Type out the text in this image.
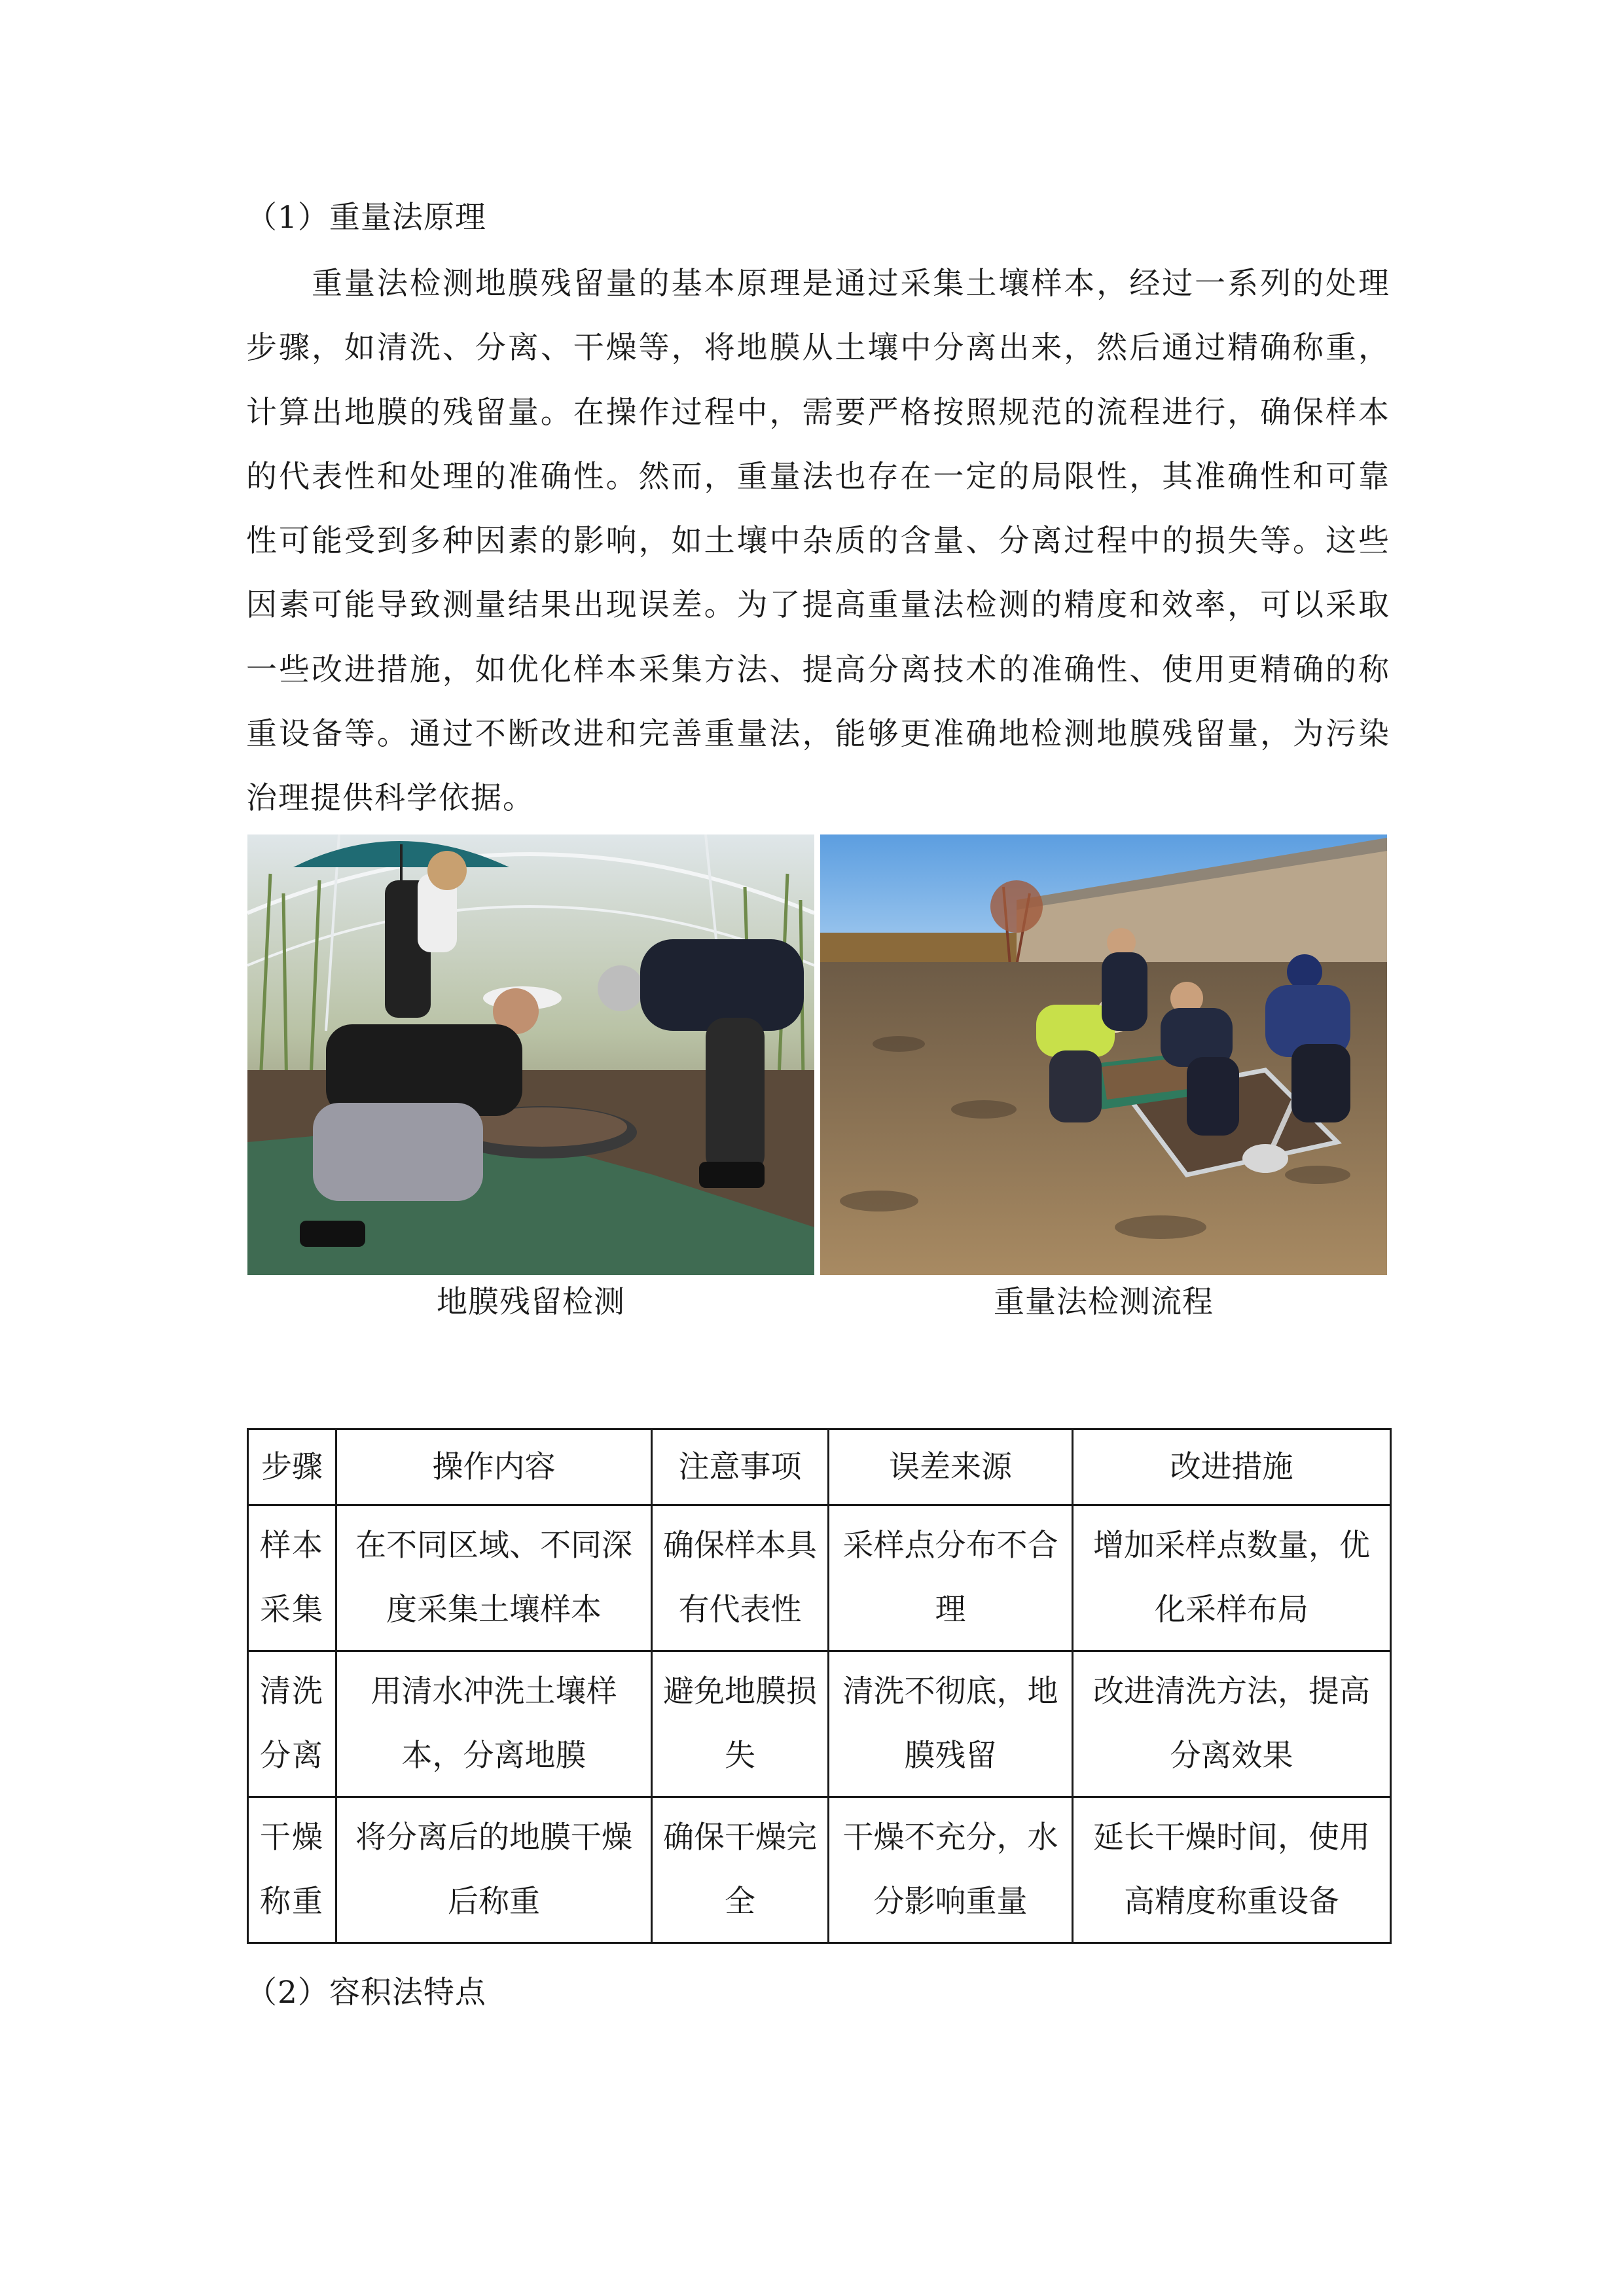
（1）重量法原理

重量法检测地膜残留量的基本原理是通过采集土壤样本，经过一系列的处理步骤，如清洗、分离、干燥等，将地膜从土壤中分离出来，然后通过精确称重，计算出地膜的残留量。在操作过程中，需要严格按照规范的流程进行，确保样本的代表性和处理的准确性。然而，重量法也存在一定的局限性，其准确性和可靠性可能受到多种因素的影响，如土壤中杂质的含量、分离过程中的损失等。这些因素可能导致测量结果出现误差。为了提高重量法检测的精度和效率，可以采取一些改进措施，如优化样本采集方法、提高分离技术的准确性、使用更精确的称重设备等。通过不断改进和完善重量法，能够更准确地检测地膜残留量，为污染治理提供科学依据。

地膜残留检测	重量法检测流程
步骤	操作内容	注意事项	误差来源	改进措施
样本采集	在不同区域、不同深度采集土壤样本	确保样本具有代表性	采样点分布不合理	增加采样点数量，优化采样布局
清洗分离	用清水冲洗土壤样本，分离地膜	避免地膜损失	清洗不彻底，地膜残留	改进清洗方法，提高分离效果
干燥称重	将分离后的地膜干燥后称重	确保干燥完全	干燥不充分，水分影响重量	延长干燥时间，使用高精度称重设备
（2）容积法特点
